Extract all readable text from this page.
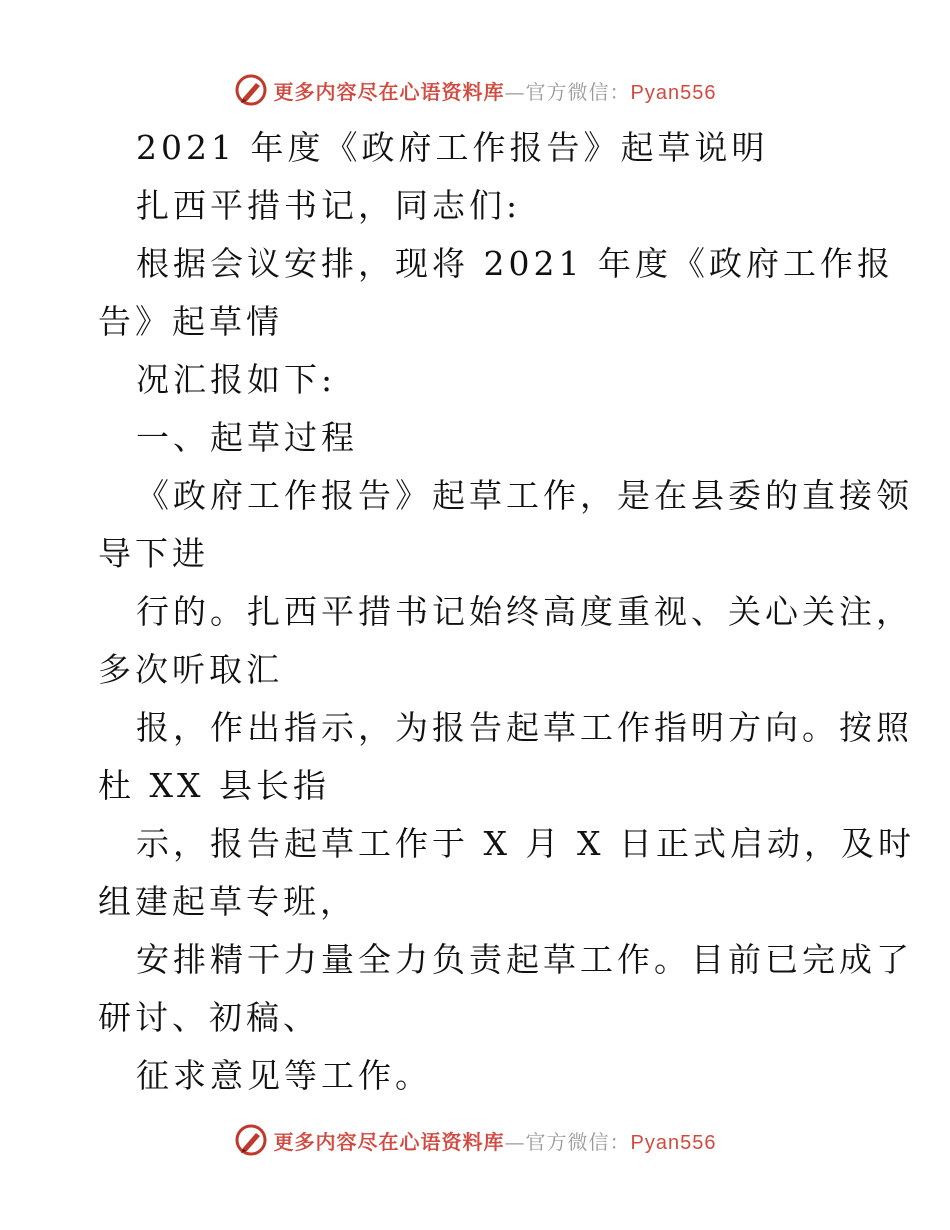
更多内容尽在心语资料库—官方微信：Pyan556
2021 年度《政府工作报告》起草说明
扎西平措书记，同志们:
根据会议安排，现将 2021 年度《政府工作报
告》起草情
况汇报如下:
一、起草过程
《政府工作报告》起草工作，是在县委的直接领
导下进
行的。扎西平措书记始终高度重视、关心关注，
多次听取汇
报，作出指示，为报告起草工作指明方向。按照
杜 XX 县长指
示，报告起草工作于 X 月 X 日正式启动，及时
组建起草专班，
安排精干力量全力负责起草工作。目前已完成了
研讨、初稿、
征求意见等工作。
更多内容尽在心语资料库—官方微信：Pyan556
